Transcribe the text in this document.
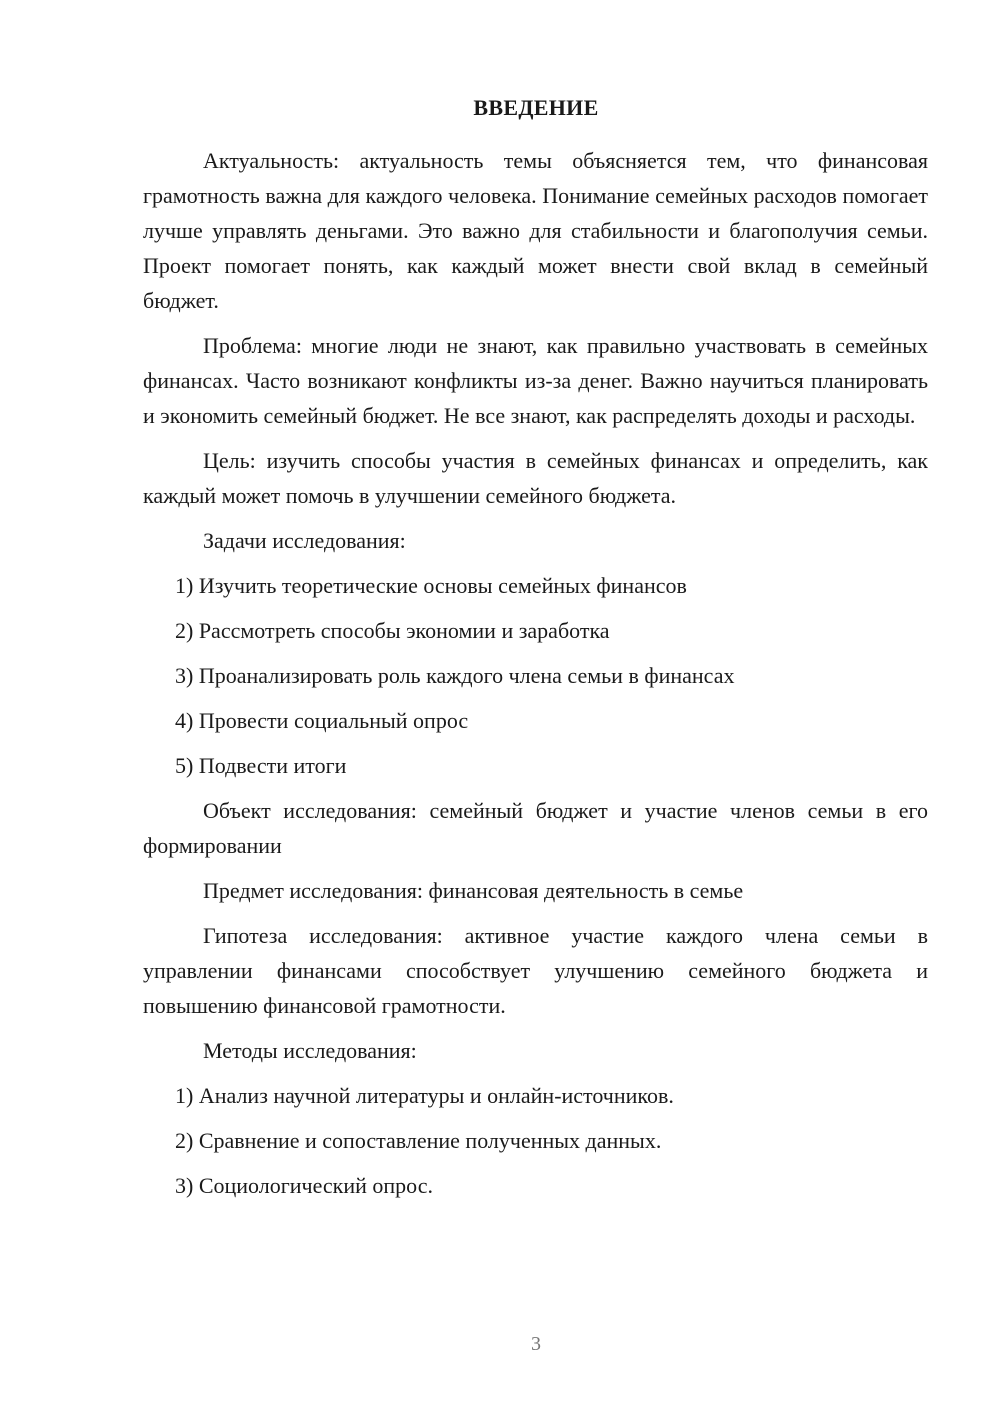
ВВЕДЕНИЕ

Актуальность: актуальность темы объясняется тем, что финансовая грамотность важна для каждого человека. Понимание семейных расходов помогает лучше управлять деньгами. Это важно для стабильности и благополучия семьи. Проект помогает понять, как каждый может внести свой вклад в семейный бюджет.

Проблема: многие люди не знают, как правильно участвовать в семейных финансах. Часто возникают конфликты из-за денег. Важно научиться планировать и экономить семейный бюджет. Не все знают, как распределять доходы и расходы.

Цель: изучить способы участия в семейных финансах и определить, как каждый может помочь в улучшении семейного бюджета.

Задачи исследования:

1) Изучить теоретические основы семейных финансов
2) Рассмотреть способы экономии и заработка
3) Проанализировать роль каждого члена семьи в финансах
4) Провести социальный опрос
5) Подвести итоги

Объект исследования: семейный бюджет и участие членов семьи в его формировании

Предмет исследования: финансовая деятельность в семье

Гипотеза исследования: активное участие каждого члена семьи в управлении финансами способствует улучшению семейного бюджета и повышению финансовой грамотности.

Методы исследования:

1) Анализ научной литературы и онлайн-источников.
2) Сравнение и сопоставление полученных данных.
3) Социологический опрос.
3
